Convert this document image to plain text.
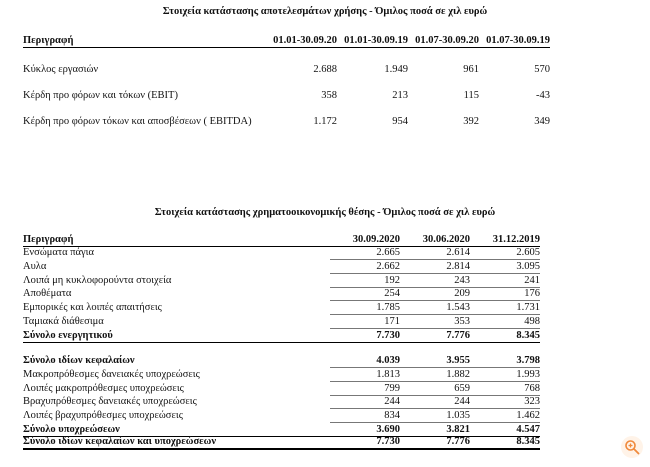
Στοιχεία κατάστασης αποτελεσμάτων χρήσης - Όμιλος ποσά σε χιλ ευρώ
Περιγραφή	01.01-30.09.20 01.01-30.09.19 01.07-30.09.20 01.07-30.09.19
Κύκλος εργασιών	2.688	1.949	961	570
Κέρδη προ φόρων και τόκων (EBIT)	358	213	115	-43
Κέρδη προ φόρων τόκων και αποσβέσεων ( EBITDA)	1.172	954	392	349
Στοιχεία κατάστασης χρηματοοικονομικής θέσης - Όμιλος ποσά σε χιλ ευρώ
Περιγραφή	30.09.2020	30.06.2020	31.12.2019
Ενσώματα πάγια	2.665	2.614	2.605
Αυλα	2.662	2.814	3.095
Λοιπά μη κυκλοφορούντα στοιχεία	192	243	241
Αποθέματα	254	209	176
Εμπορικές και λοιπές απαιτήσεις	1.785	1.543	1.731
Ταμιακά διάθεσιμα	171	353	498
Σύνολο ενεργητικού	7.730	7.776	8.345
Σύνολο ιδίων κεφαλαίων	4.039	3.955	3.798
Μακροπρόθεσμες δανειακές υποχρεώσεις	1.813	1.882	1.993
Λοιπές μακροπρόθεσμες υποχρεώσεις	799	659	768
Βραχυπρόθεσμες δανειακές υποχρεώσεις	244	244	323
Λοιπές βραχυπρόθεσμες υποχρεώσεις	834	1.035	1.462
Σύνολο υποχρεώσεων	3.690	3.821	4.547
Σύνολο ιδίων κεφαλαίων και υποχρεώσεων	7.730	7.776	8.345
